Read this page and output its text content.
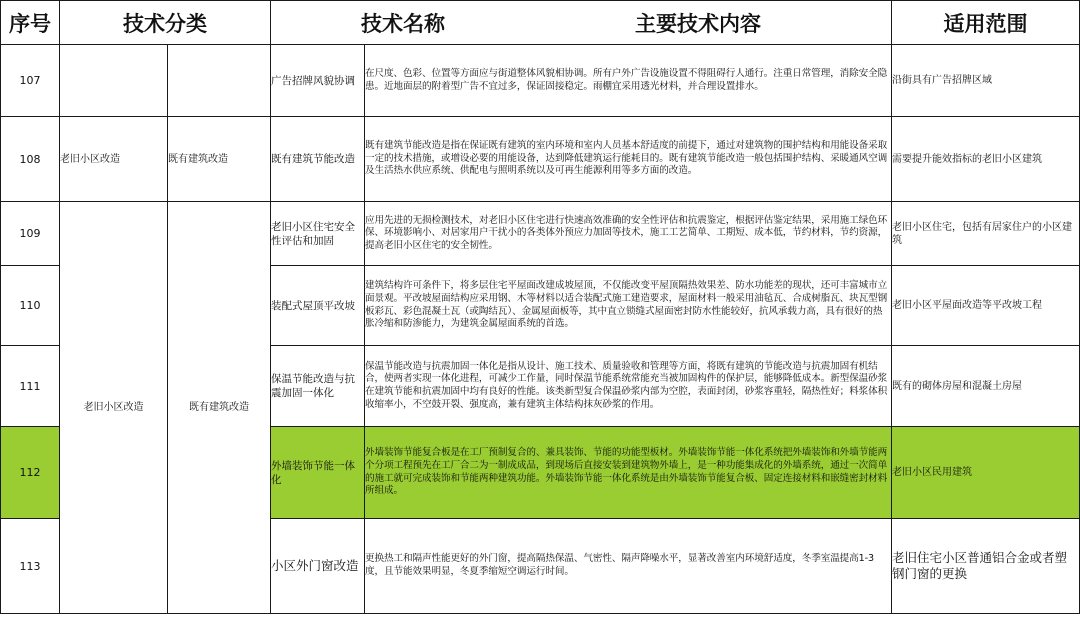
序号	技术分类		技术名称 主要技术内容		适用范围
107			广告招牌风貌协调	在尺度、色彩、位置等方面应与街道整体风貌相协调。所有户外广告设施设置不得阻碍行人通行。注重日常管理，消除安全隐患。近地面层的附着型广告不宜过多，保证固接稳定。雨棚宜采用透光材料，并合理设置排水。	沿街具有广告招牌区域
108	老旧小区改造	既有建筑改造	既有建筑节能改造	既有建筑节能改造是指在保证既有建筑的室内环境和室内人员基本舒适度的前提下，通过对建筑物的围护结构和用能设备采取一定的技术措施，或增设必要的用能设备，达到降低建筑运行能耗目的。既有建筑节能改造一般包括围护结构、采暖通风空调及生活热水供应系统、供配电与照明系统以及可再生能源利用等多方面的改造。	需要提升能效指标的老旧小区建筑
109	老旧小区改造	既有建筑改造	老旧小区住宅安全性评估和加固	应用先进的无损检测技术，对老旧小区住宅进行快速高效准确的安全性评估和抗震鉴定，根据评估鉴定结果，采用施工绿色环保、环境影响小、对居家用户干扰小的各类体外预应力加固等技术，施工工艺简单、工期短、成本低，节约材料，节约资源，提高老旧小区住宅的安全韧性。	老旧小区住宅，包括有居家住户的小区建筑
110			装配式屋顶平改坡	建筑结构许可条件下，将多层住宅平屋面改建成坡屋顶，不仅能改变平屋顶隔热效果差、防水功能差的现状，还可丰富城市立面景观。平改坡屋面结构应采用钢、木等材料以适合装配式施工建造要求，屋面材料一般采用油毡瓦、合成树脂瓦、块瓦型钢板彩瓦、彩色混凝土瓦（或陶结瓦）、金属屋面板等，其中直立锁缝式屋面密封防水性能较好，抗风承载力高，具有很好的热胀冷缩和防渗能力，为建筑金属屋面系统的首选。	老旧小区平屋面改造等平改坡工程
111			保温节能改造与抗震加固一体化	保温节能改造与抗震加固一体化是指从设计、施工技术、质量验收和管理等方面，将既有建筑的节能改造与抗震加固有机结合，使两者实现一体化进程，可减少工作量，同时保温节能系统常能充当被加固构件的保护层，能够降低成本。新型保温砂浆在建筑节能和抗震加固中均有良好的性能。该类新型复合保温砂浆内部为空腔，表面封闭，砂浆容重轻，隔热性好；料浆体积收缩率小，不空鼓开裂、强度高，兼有建筑主体结构抹灰砂浆的作用。	既有的砌体房屋和混凝土房屋
112			外墙装饰节能一体化	外墙装饰节能复合板是在工厂预制复合的、兼具装饰、节能的功能型板材。外墙装饰节能一体化系统把外墙装饰和外墙节能两个分项工程预先在工厂合二为一制成成品，到现场后直接安装到建筑物外墙上，是一种功能集成化的外墙系统，通过一次简单的施工就可完成装饰和节能两种建筑功能。外墙装饰节能一体化系统是由外墙装饰节能复合板、固定连接材料和嵌缝密封材料所组成。	老旧小区民用建筑
113			小区外门窗改造	更换热工和隔声性能更好的外门窗，提高隔热保温、气密性、隔声降噪水平，显著改善室内环境舒适度，冬季室温提高1-3度，且节能效果明显，冬夏季缩短空调运行时间。	老旧住宅小区普通铝合金或者塑钢门窗的更换
